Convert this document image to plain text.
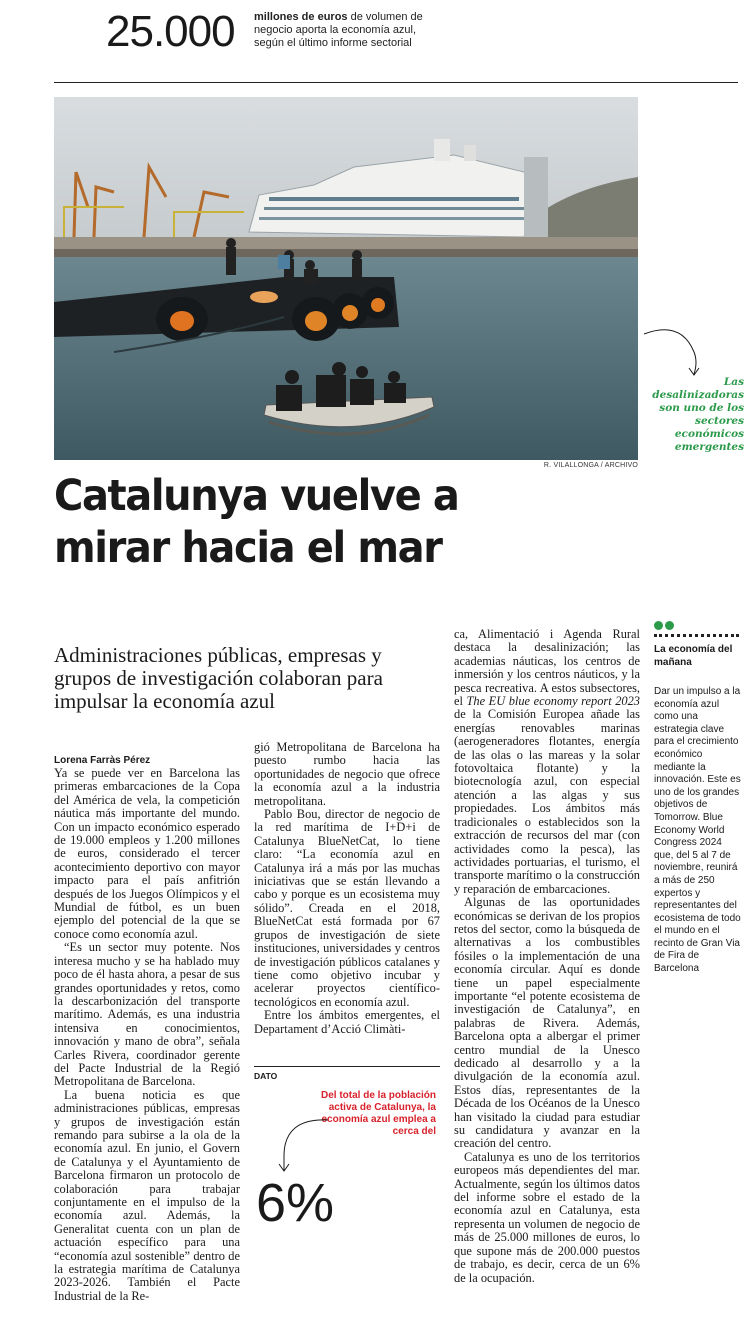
25.000 millones de euros de volumen de negocio aporta la economía azul, según el último informe sectorial
R. VILALLONGA / ARCHIVO
Las desalinizadoras son uno de los sectores económicos emergentes
Catalunya vuelve a mirar hacia el mar
Administraciones públicas, empresas y grupos de investigación colaboran para impulsar la economía azul

Lorena Farràs Pérez

Ya se puede ver en Barcelona las primeras embarcaciones de la Copa del América de vela, la competición náutica más importante del mundo. Con un impacto económico esperado de 19.000 empleos y 1.200 millones de euros, considerado el tercer acontecimiento deportivo con mayor impacto para el país anfitrión después de los Juegos Olímpicos y el Mundial de fútbol, es un buen ejemplo del potencial de la que se conoce como economía azul.

“Es un sector muy potente. Nos interesa mucho y se ha hablado muy poco de él hasta ahora, a pesar de sus grandes oportunidades y retos, como la descarbonización del transporte marítimo. Además, es una industria intensiva en conocimientos, innovación y mano de obra”, señala Carles Rivera, coordinador gerente del Pacte Industrial de la Regió Metropolitana de Barcelona.

La buena noticia es que administraciones públicas, empresas y grupos de investigación están remando para subirse a la ola de la economía azul. En junio, el Govern de Catalunya y el Ayuntamiento de Barcelona firmaron un protocolo de colaboración para trabajar conjuntamente en el impulso de la economía azul. Además, la Generalitat cuenta con un plan de actuación específico para una “economía azul sostenible” dentro de la estrategia marítima de Catalunya 2023-2026. También el Pacte Industrial de la Re-

gió Metropolitana de Barcelona ha puesto rumbo hacia las oportunidades de negocio que ofrece la economía azul a la industria metropolitana.

Pablo Bou, director de negocio de la red marítima de I+D+i de Catalunya BlueNetCat, lo tiene claro: “La economía azul en Catalunya irá a más por las muchas iniciativas que se están llevando a cabo y porque es un ecosistema muy sólido”. Creada en el 2018, BlueNetCat está formada por 67 grupos de investigación de siete instituciones, universidades y centros de investigación públicos catalanes y tiene como objetivo incubar y acelerar proyectos científico-tecnológicos en economía azul.

Entre los ámbitos emergentes, el Departament d’Acció Climàti-

DATO
Del total de la población activa de Catalunya, la economía azul emplea a cerca del
6%

ca, Alimentació i Agenda Rural destaca la desalinización; las academias náuticas, los centros de inmersión y los centros náuticos, y la pesca recreativa. A estos subsectores, el The EU blue economy report 2023 de la Comisión Europea añade las energías renovables marinas (aerogeneradores flotantes, energía de las olas o las mareas y la solar fotovoltaica flotante) y la biotecnología azul, con especial atención a las algas y sus propiedades. Los ámbitos más tradicionales o establecidos son la extracción de recursos del mar (con actividades como la pesca), las actividades portuarias, el turismo, el transporte marítimo o la construcción y reparación de embarcaciones.

Algunas de las oportunidades económicas se derivan de los propios retos del sector, como la búsqueda de alternativas a los combustibles fósiles o la implementación de una economía circular. Aquí es donde tiene un papel especialmente importante “el potente ecosistema de investigación de Catalunya”, en palabras de Rivera. Además, Barcelona opta a albergar el primer centro mundial de la Unesco dedicado al desarrollo y a la divulgación de la economía azul. Estos días, representantes de la Década de los Océanos de la Unesco han visitado la ciudad para estudiar su candidatura y avanzar en la creación del centro.

Catalunya es uno de los territorios europeos más dependientes del mar. Actualmente, según los últimos datos del informe sobre el estado de la economía azul en Catalunya, esta representa un volumen de negocio de más de 25.000 millones de euros, lo que supone más de 200.000 puestos de trabajo, es decir, cerca de un 6% de la ocupación.

La economía del mañana
Dar un impulso a la economía azul como una estrategia clave para el crecimiento económico mediante la innovación. Este es uno de los grandes objetivos de Tomorrow. Blue Economy World Congress 2024 que, del 5 al 7 de noviembre, reunirá a más de 250 expertos y representantes del ecosistema de todo el mundo en el recinto de Gran Via de Fira de Barcelona
